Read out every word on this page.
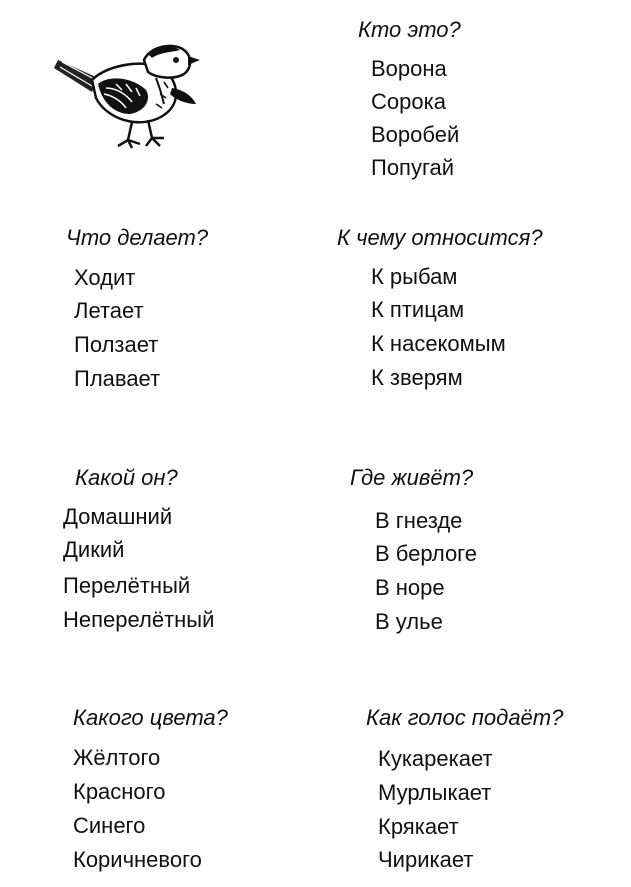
Кто это?
Ворона
Сорока
Воробей
Попугай
Что делает?
Ходит
Летает
Ползает
Плавает
К чему относится?
К рыбам
К птицам
К насекомым
К зверям
Какой он?
Домашний
Дикий
Перелётный
Неперелётный
Где живёт?
В гнезде
В берлоге
В норе
В улье
Какого цвета?
Жёлтого
Красного
Синего
Коричневого
Как голос подаёт?
Кукарекает
Мурлыкает
Крякает
Чирикает
